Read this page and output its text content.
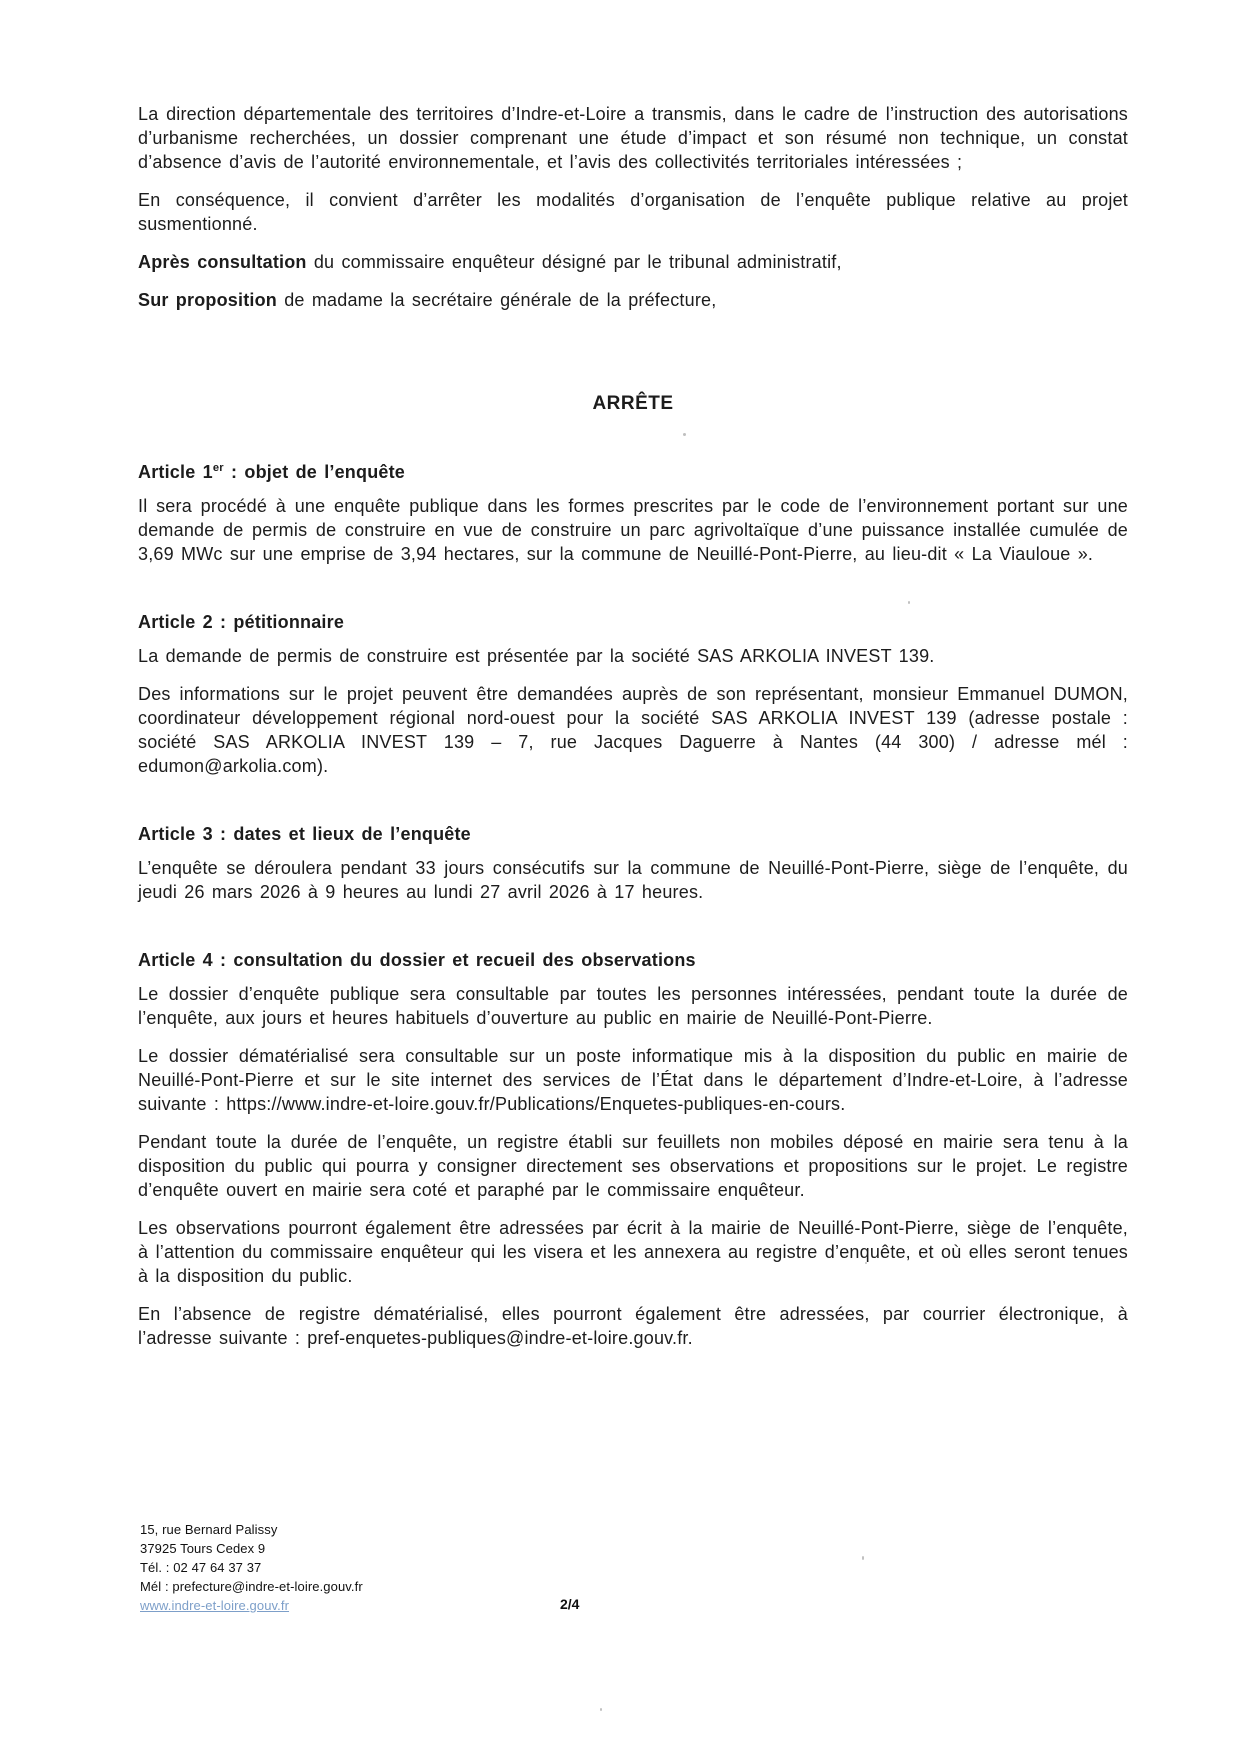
La direction départementale des territoires d’Indre-et-Loire a transmis, dans le cadre de l’instruction des autorisations d’urbanisme recherchées, un dossier comprenant une étude d’impact et son résumé non technique, un constat d’absence d’avis de l’autorité environnementale, et l’avis des collectivités territoriales intéressées ;

En conséquence, il convient d’arrêter les modalités d’organisation de l’enquête publique relative au projet susmentionné.

Après consultation du commissaire enquêteur désigné par le tribunal administratif,

Sur proposition de madame la secrétaire générale de la préfecture,

ARRÊTE
Article 1er : objet de l’enquête

Il sera procédé à une enquête publique dans les formes prescrites par le code de l’environnement portant sur une demande de permis de construire en vue de construire un parc agrivoltaïque d’une puissance installée cumulée de 3,69 MWc sur une emprise de 3,94 hectares, sur la commune de Neuillé-Pont-Pierre, au lieu-dit « La Viauloue ».

Article 2 : pétitionnaire

La demande de permis de construire est présentée par la société SAS ARKOLIA INVEST 139.

Des informations sur le projet peuvent être demandées auprès de son représentant, monsieur Emmanuel DUMON, coordinateur développement régional nord-ouest pour la société SAS ARKOLIA INVEST 139 (adresse postale : société SAS ARKOLIA INVEST 139 – 7, rue Jacques Daguerre à Nantes (44 300) / adresse mél : edumon@arkolia.com).

Article 3 : dates et lieux de l’enquête

L’enquête se déroulera pendant 33 jours consécutifs sur la commune de Neuillé-Pont-Pierre, siège de l’enquête, du jeudi 26 mars 2026 à 9 heures au lundi 27 avril 2026 à 17 heures.

Article 4 : consultation du dossier et recueil des observations

Le dossier d’enquête publique sera consultable par toutes les personnes intéressées, pendant toute la durée de l’enquête, aux jours et heures habituels d’ouverture au public en mairie de Neuillé-Pont-Pierre.

Le dossier dématérialisé sera consultable sur un poste informatique mis à la disposition du public en mairie de Neuillé-Pont-Pierre et sur le site internet des services de l’État dans le département d’Indre-et-Loire, à l’adresse suivante : https://www.indre-et-loire.gouv.fr/Publications/Enquetes-publiques-en-cours.

Pendant toute la durée de l’enquête, un registre établi sur feuillets non mobiles déposé en mairie sera tenu à la disposition du public qui pourra y consigner directement ses observations et propositions sur le projet. Le registre d’enquête ouvert en mairie sera coté et paraphé par le commissaire enquêteur.

Les observations pourront également être adressées par écrit à la mairie de Neuillé-Pont-Pierre, siège de l’enquête, à l’attention du commissaire enquêteur qui les visera et les annexera au registre d’enquête, et où elles seront tenues à la disposition du public.

En l’absence de registre dématérialisé, elles pourront également être adressées, par courrier électronique, à l’adresse suivante : pref-enquetes-publiques@indre-et-loire.gouv.fr.

15, rue Bernard Palissy

37925 Tours Cedex 9

Tél. : 02 47 64 37 37

Mél : prefecture@indre-et-loire.gouv.fr

www.indre-et-loire.gouv.fr	2/4
